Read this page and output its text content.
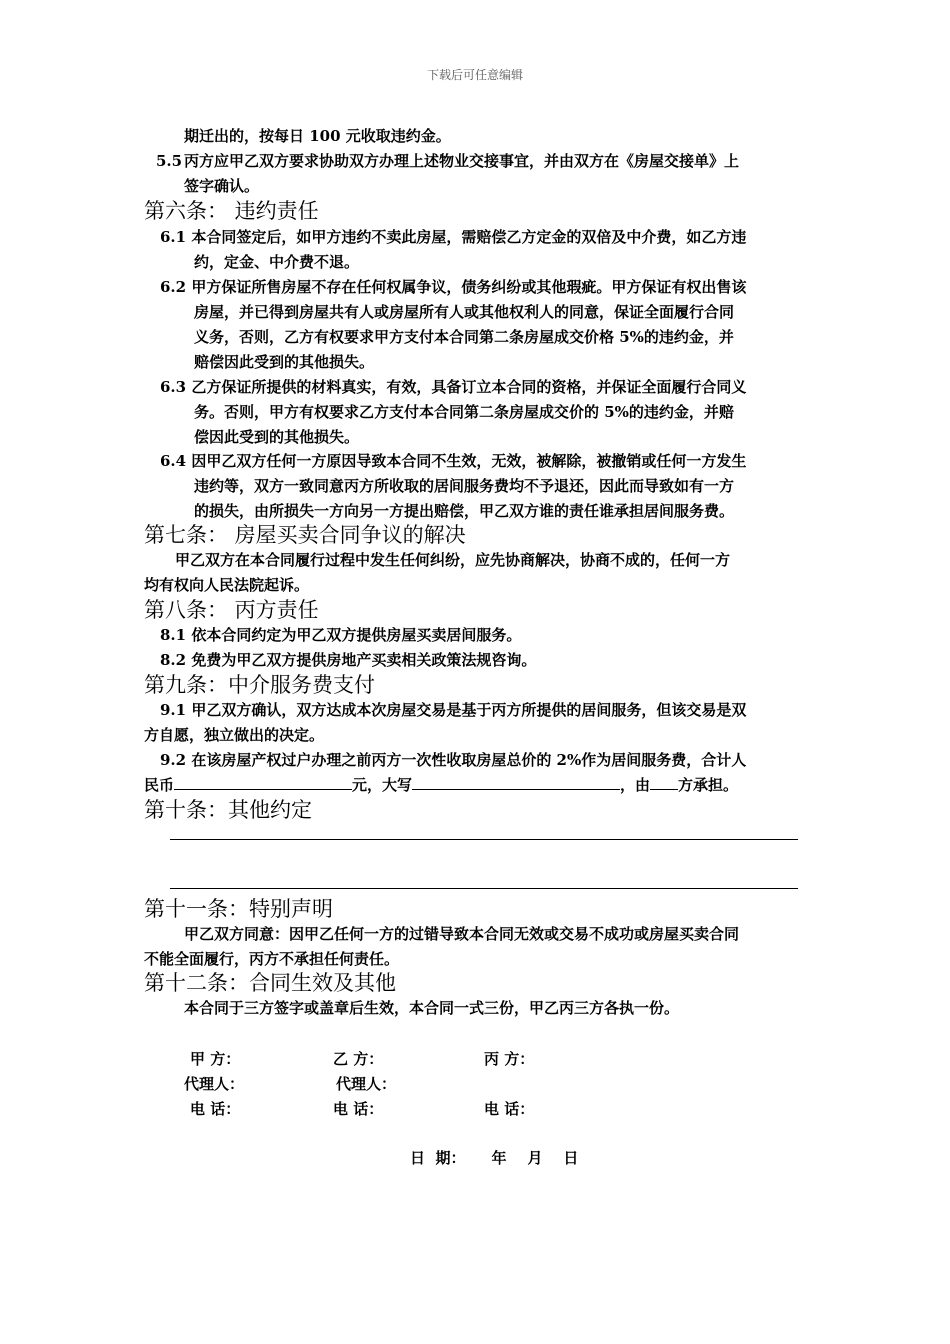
下载后可任意编辑
期迁出的，按每日 100 元收取违约金。
5.5 丙方应甲乙双方要求协助双方办理上述物业交接事宜，并由双方在《房屋交接单》上
签字确认。
第六条： 违约责任
6.1 本合同签定后，如甲方违约不卖此房屋，需赔偿乙方定金的双倍及中介费，如乙方违
约，定金、中介费不退。
6.2 甲方保证所售房屋不存在任何权属争议，债务纠纷或其他瑕疵。甲方保证有权出售该
房屋，并已得到房屋共有人或房屋所有人或其他权利人的同意，保证全面履行合同
义务，否则，乙方有权要求甲方支付本合同第二条房屋成交价格 5%的违约金，并
赔偿因此受到的其他损失。
6.3 乙方保证所提供的材料真实，有效，具备订立本合同的资格，并保证全面履行合同义
务。否则，甲方有权要求乙方支付本合同第二条房屋成交价的 5%的违约金，并赔
偿因此受到的其他损失。
6.4 因甲乙双方任何一方原因导致本合同不生效，无效，被解除，被撤销或任何一方发生
违约等，双方一致同意丙方所收取的居间服务费均不予退还，因此而导致如有一方
的损失，由所损失一方向另一方提出赔偿，甲乙双方谁的责任谁承担居间服务费。
第七条： 房屋买卖合同争议的解决
甲乙双方在本合同履行过程中发生任何纠纷，应先协商解决，协商不成的，任何一方
均有权向人民法院起诉。
第八条： 丙方责任
8.1 依本合同约定为甲乙双方提供房屋买卖居间服务。
8.2 免费为甲乙双方提供房地产买卖相关政策法规咨询。
第九条：中介服务费支付
9.1 甲乙双方确认，双方达成本次房屋交易是基于丙方所提供的居间服务，但该交易是双
方自愿，独立做出的决定。
9.2 在该房屋产权过户办理之前丙方一次性收取房屋总价的 2%作为居间服务费，合计人
民币	元，大写	，由 方承担。
第十条：其他约定
第十一条：特别声明
甲乙双方同意：因甲乙任何一方的过错导致本合同无效或交易不成功或房屋买卖合同
不能全面履行，丙方不承担任何责任。
第十二条：合同生效及其他
本合同于三方签字或盖章后生效，本合同一式三份，甲乙丙三方各执一份。
甲 方：	乙 方：	丙 方：
代理人：	代理人：
电 话：	电 话：	电 话：
日  期：     年    月    日
